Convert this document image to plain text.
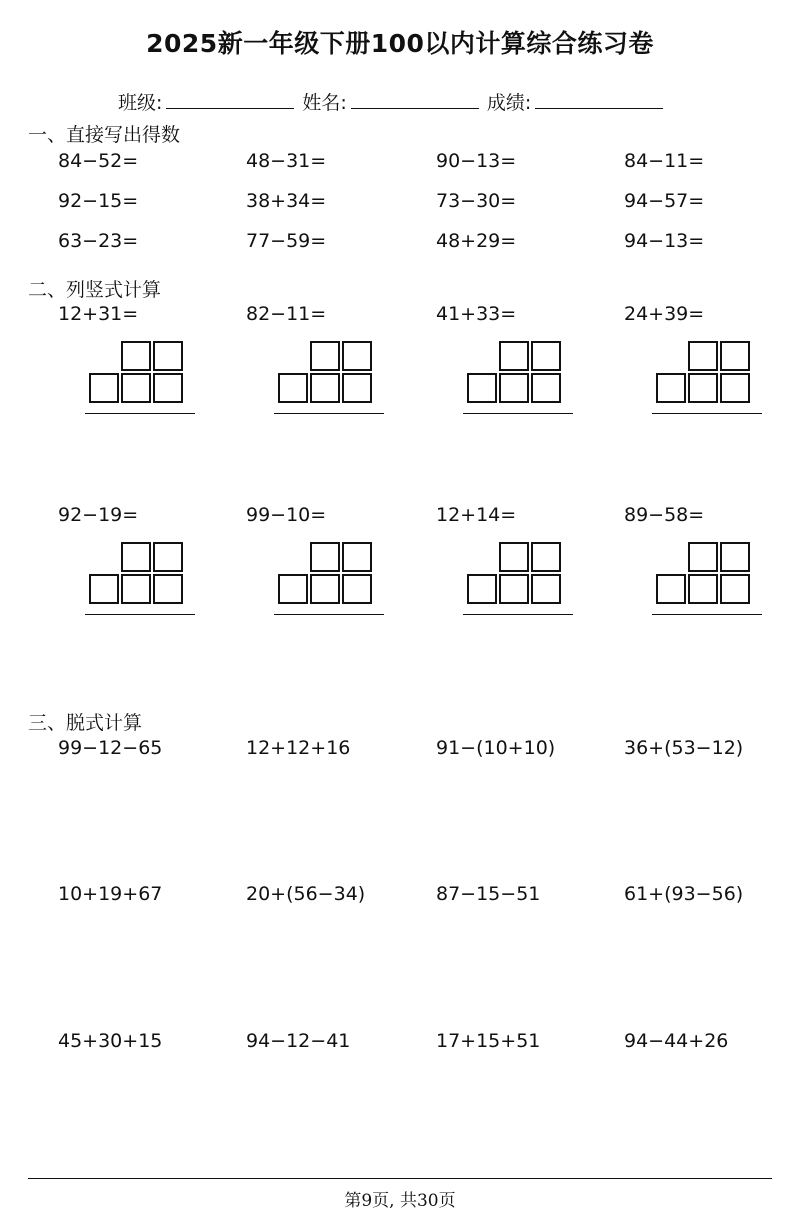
2025新一年级下册100以内计算综合练习卷
班级:	姓名:	成绩:
一、直接写出得数
84−52=	48−31=	90−13=	84−11=
92−15=	38+34=	73−30=	94−57=
63−23=	77−59=	48+29=	94−13=
二、列竖式计算
12+31=	82−11=	41+33=	24+39=
92−19=	99−10=	12+14=	89−58=
三、脱式计算
99−12−65	12+12+16	91−(10+10)	36+(53−12)
10+19+67	20+(56−34)	87−15−51	61+(93−56)
45+30+15	94−12−41	17+15+51	94−44+26
第9页, 共30页
